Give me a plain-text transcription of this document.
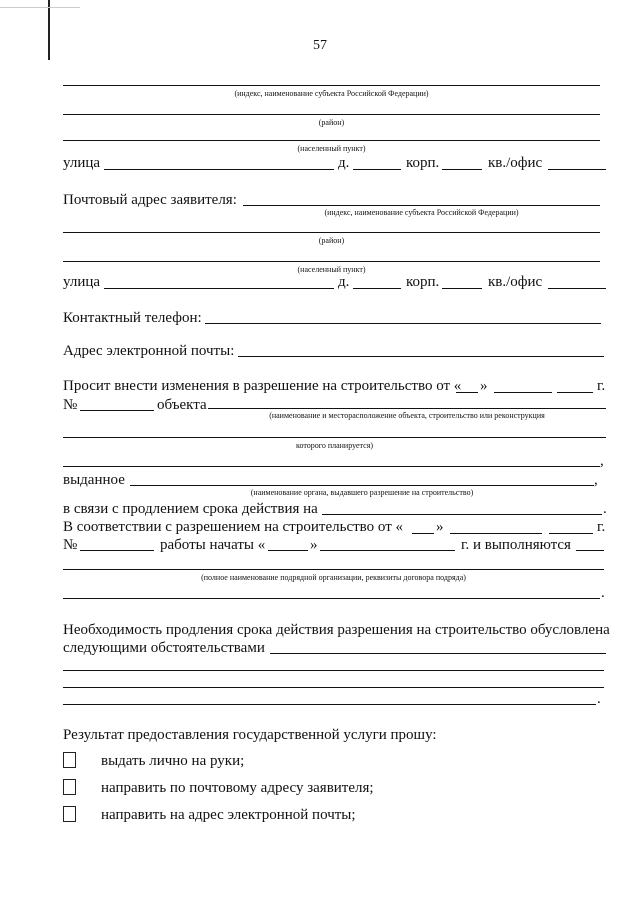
57
(индекс, наименование субъекта Российской Федерации)
(район)
(населенный пункт)
улица	д.	корп.	кв./офис
Почтовый адрес заявителя:
(индекс, наименование субъекта Российской Федерации)
(район)
(населенный пункт)
улица	д.	корп.	кв./офис
Контактный телефон:
Адрес электронной почты:
Просит внести изменения в разрешение на строительство от « »	г.
№	объекта
(наименование и месторасположение объекта, строительство или реконструкция
которого планируется)
,
выданное	,
(наименование органа, выдавшего разрешение на строительство)
в связи с продлением срока действия на	.
В соответствии с разрешением на строительство от « »	г.
№	работы начаты «	»	г. и выполняются
(полное наименование подрядной организации, реквизиты договора подряда)
.
Необходимость продления срока действия разрешения на строительство обусловлена
следующими обстоятельствами
.
Результат предоставления государственной услуги прошу:
выдать лично на руки;
направить по почтовому адресу заявителя;
направить на адрес электронной почты;
